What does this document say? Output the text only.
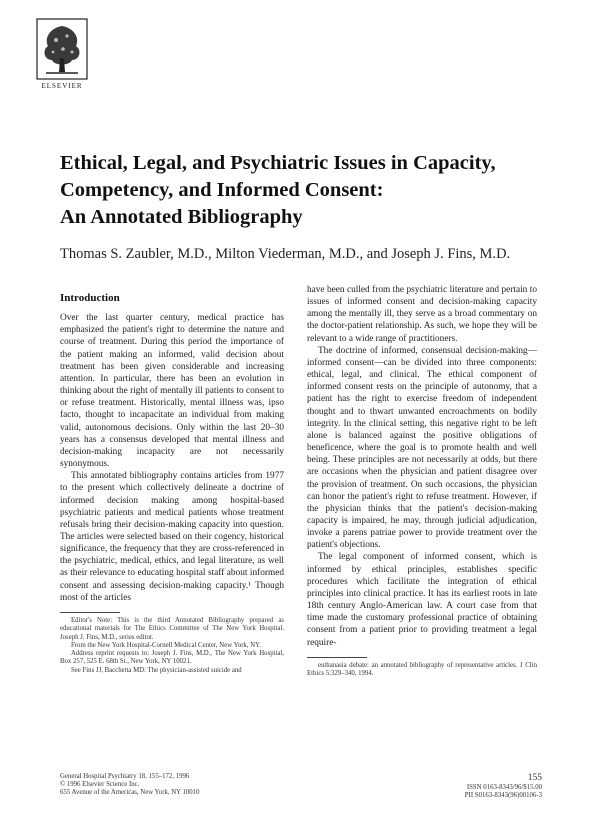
ELSEVIER
Ethical, Legal, and Psychiatric Issues in Capacity,
Competency, and Informed Consent:
An Annotated Bibliography

Thomas S. Zaubler, M.D., Milton Viederman, M.D., and Joseph J. Fins, M.D.

Introduction

Over the last quarter century, medical practice has emphasized the patient's right to determine the nature and course of treatment. During this period the importance of the patient making an informed, valid decision about treatment has been given considerable and increasing attention. In particular, there has been an evolution in thinking about the right of mentally ill patients to consent to or refuse treatment. Historically, mental illness was, ipso facto, thought to incapacitate an individual from making valid, autonomous decisions. Only within the last 20–30 years has a consensus developed that mental illness and decision-making incapacity are not necessarily synonymous.

This annotated bibliography contains articles from 1977 to the present which collectively delineate a doctrine of informed decision making among hospital-based psychiatric patients and medical patients whose treatment refusals bring their decision-making capacity into question. The articles were selected based on their cogency, historical significance, the frequency that they are cross-referenced in the psychiatric, medical, ethics, and legal literature, as well as their relevance to educating hospital staff about informed consent and assessing decision-making capacity.¹ Though most of the articles

Editor's Note: This is the third Annotated Bibliography prepared as educational materials for The Ethics Committee of The New York Hospital. Joseph J. Fins, M.D., series editor.

From the New York Hospital-Cornell Medical Center, New York, NY.

Address reprint requests to: Joseph J. Fins, M.D., The New York Hospital, Box 257, 525 E. 68th St., New York, NY 10021.

See Fins JJ, Bacchetta MD: The physician-assisted suicide and

have been culled from the psychiatric literature and pertain to issues of informed consent and decision-making capacity among the mentally ill, they serve as a broad commentary on the doctor-patient relationship. As such, we hope they will be relevant to a wide range of practitioners.

The doctrine of informed, consensual decision-making—informed consent—can be divided into three components: ethical, legal, and clinical. The ethical component of informed consent rests on the principle of autonomy, that a patient has the right to exercise freedom of independent thought and to thwart unwanted encroachments on bodily integrity. In the clinical setting, this negative right to be left alone is balanced against the positive obligations of beneficence, where the goal is to promote health and well being. These principles are not necessarily at odds, but there are occasions when the physician and patient disagree over the provision of treatment. On such occasions, the physician can honor the patient's right to refuse treatment. However, if the physician thinks that the patient's decision-making capacity is impaired, he may, through judicial adjudication, invoke a parens patriae power to provide treatment over the patient's objections.

The legal component of informed consent, which is informed by ethical principles, establishes specific procedures which facilitate the integration of ethical principles into clinical practice. It has its earliest roots in late 18th century Anglo-American law. A court case from that time made the customary professional practice of obtaining consent from a patient prior to providing treatment a legal require-

euthanasia debate: an annotated bibliography of representative articles. J Clin Ethics 5:329–340, 1994.

General Hospital Psychiatry 18, 155–172, 1996
© 1996 Elsevier Science Inc.
655 Avenue of the Americas, New York, NY 10010
155
ISSN 0163-8343/96/$15.00
PII S0163-8343(96)00106-3
